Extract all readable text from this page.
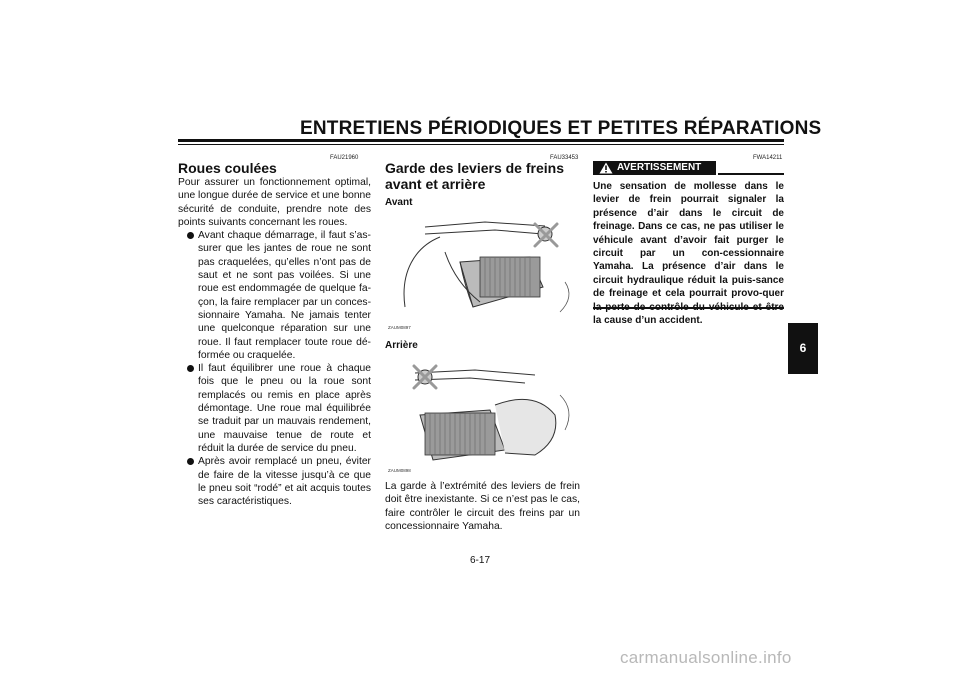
ENTRETIENS PÉRIODIQUES ET PETITES RÉPARATIONS
FAU21960
Roues coulées

Pour assurer un fonctionnement optimal, une longue durée de service et une bonne sécurité de conduite, prendre note des points suivants concernant les roues.

Avant chaque démarrage, il faut s’as-surer que les jantes de roue ne sont pas craquelées, qu’elles n’ont pas de saut et ne sont pas voilées. Si une roue est endommagée de quelque fa-çon, la faire remplacer par un conces-sionnaire Yamaha. Ne jamais tenter une quelconque réparation sur une roue. Il faut remplacer toute roue dé-formée ou craquelée.
Il faut équilibrer une roue à chaque fois que le pneu ou la roue sont remplacés ou remis en place après démontage. Une roue mal équilibrée se traduit par un mauvais rendement, une mauvaise tenue de route et réduit la durée de service du pneu.
Après avoir remplacé un pneu, éviter de faire de la vitesse jusqu’à ce que le pneu soit “rodé” et ait acquis toutes ses caractéristiques.
FAU33453
Garde des leviers de freins avant et arrière
Avant
ZAUM0897
Arrière
ZAUM0898

La garde à l’extrémité des leviers de frein doit être inexistante. Si ce n’est pas le cas, faire contrôler le circuit des freins par un concessionnaire Yamaha.

FWA14211
AVERTISSEMENT
Une sensation de mollesse dans le levier de frein pourrait signaler la présence d’air dans le circuit de freinage. Dans ce cas, ne pas utiliser le véhicule avant d’avoir fait purger le circuit par un con-cessionnaire Yamaha. La présence d’air dans le circuit hydraulique réduit la puis-sance de freinage et cela pourrait provo-quer la cause d’un accident.
6
6-17
carmanualsonline.info
